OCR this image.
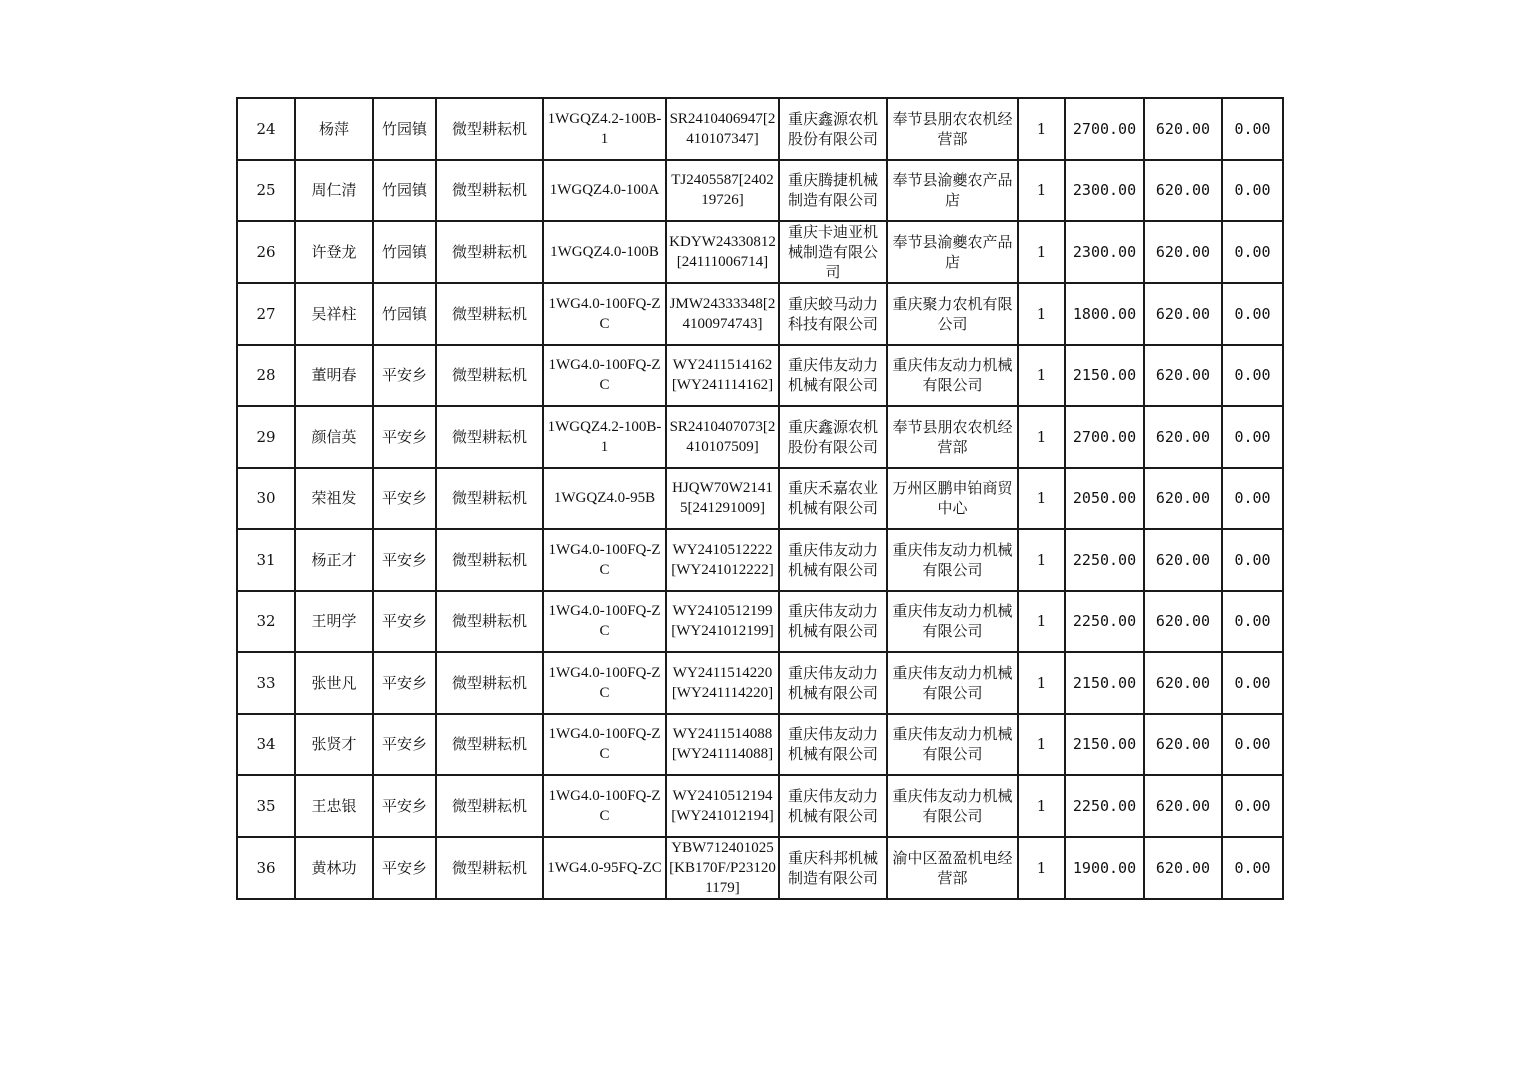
24	杨萍	竹园镇	微型耕耘机	1WGQZ4.2-100B-1	SR2410406947[2410107347]	重庆鑫源农机股份有限公司	奉节县朋农农机经营部	1	2700.00	620.00	0.00
25	周仁清	竹园镇	微型耕耘机	1WGQZ4.0-100A	TJ2405587[240219726]	重庆腾捷机械制造有限公司	奉节县渝夔农产品店	1	2300.00	620.00	0.00
26	许登龙	竹园镇	微型耕耘机	1WGQZ4.0-100B	KDYW24330812[24111006714]	重庆卡迪亚机械制造有限公司	奉节县渝夔农产品店	1	2300.00	620.00	0.00
27	吴祥柱	竹园镇	微型耕耘机	1WG4.0-100FQ-ZC	JMW24333348[24100974743]	重庆蛟马动力科技有限公司	重庆聚力农机有限公司	1	1800.00	620.00	0.00
28	董明春	平安乡	微型耕耘机	1WG4.0-100FQ-ZC	WY2411514162[WY241114162]	重庆伟友动力机械有限公司	重庆伟友动力机械有限公司	1	2150.00	620.00	0.00
29	颜信英	平安乡	微型耕耘机	1WGQZ4.2-100B-1	SR2410407073[2410107509]	重庆鑫源农机股份有限公司	奉节县朋农农机经营部	1	2700.00	620.00	0.00
30	荣祖发	平安乡	微型耕耘机	1WGQZ4.0-95B	HJQW70W21415[241291009]	重庆禾嘉农业机械有限公司	万州区鹏申铂商贸中心	1	2050.00	620.00	0.00
31	杨正才	平安乡	微型耕耘机	1WG4.0-100FQ-ZC	WY2410512222[WY241012222]	重庆伟友动力机械有限公司	重庆伟友动力机械有限公司	1	2250.00	620.00	0.00
32	王明学	平安乡	微型耕耘机	1WG4.0-100FQ-ZC	WY2410512199[WY241012199]	重庆伟友动力机械有限公司	重庆伟友动力机械有限公司	1	2250.00	620.00	0.00
33	张世凡	平安乡	微型耕耘机	1WG4.0-100FQ-ZC	WY2411514220[WY241114220]	重庆伟友动力机械有限公司	重庆伟友动力机械有限公司	1	2150.00	620.00	0.00
34	张贤才	平安乡	微型耕耘机	1WG4.0-100FQ-ZC	WY2411514088[WY241114088]	重庆伟友动力机械有限公司	重庆伟友动力机械有限公司	1	2150.00	620.00	0.00
35	王忠银	平安乡	微型耕耘机	1WG4.0-100FQ-ZC	WY2410512194[WY241012194]	重庆伟友动力机械有限公司	重庆伟友动力机械有限公司	1	2250.00	620.00	0.00
36	黄林功	平安乡	微型耕耘机	1WG4.0-95FQ-ZC	YBW712401025[KB170F/P231201179]	重庆科邦机械制造有限公司	渝中区盈盈机电经营部	1	1900.00	620.00	0.00
